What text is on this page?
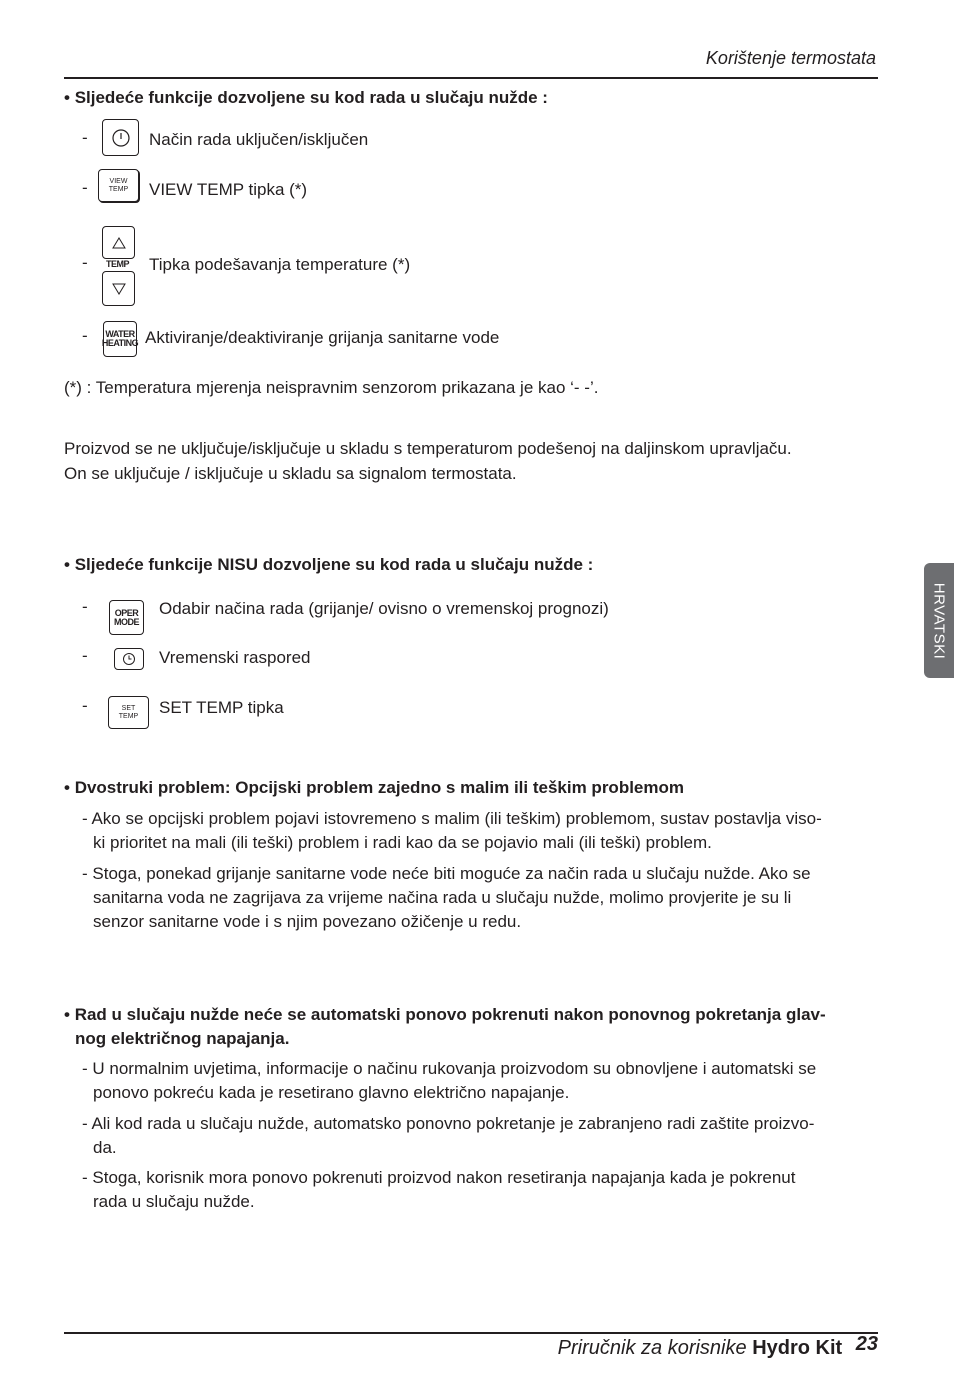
Korištenje termostata
• Sljedeće funkcije dozvoljene su kod rada u slučaju nužde :
-	Način rada uključen/isključen
-	VIEW
TEMP VIEW TEMP tipka (*)
- TEMP Tipka podešavanja temperature (*)
-	WATER
HEATING Aktiviranje/deaktiviranje grijanja sanitarne vode
(*) : Temperatura mjerenja neispravnim senzorom prikazana je kao ‘- -’.
Proizvod se ne uključuje/isključuje u skladu s temperaturom podešenoj na daljinskom upravljaču.
On se uključuje / isključuje u skladu sa signalom termostata.
• Sljedeće funkcije NISU dozvoljene su kod rada u slučaju nužde :
-	OPER
MODE
Odabir načina rada (grijanje/ ovisno o vremenskoj prognozi)
-	Vremenski raspored
-	SET
TEMP SET TEMP tipka
• Dvostruki problem: Opcijski problem zajedno s malim ili teškim problemom
- Ako se opcijski problem pojavi istovremeno s malim (ili teškim) problemom, sustav postavlja viso-
ki prioritet na mali (ili teški) problem i radi kao da se pojavio mali (ili teški) problem.
- Stoga, ponekad grijanje sanitarne vode neće biti moguće za način rada u slučaju nužde. Ako se
sanitarna voda ne zagrijava za vrijeme načina rada u slučaju nužde, molimo provjerite je su li
senzor sanitarne vode i s njim povezano ožičenje u redu.
• Rad u slučaju nužde neće se automatski ponovo pokrenuti nakon ponovnog pokretanja glav-
nog električnog napajanja.
- U normalnim uvjetima, informacije o načinu rukovanja proizvodom su obnovljene i automatski se
ponovo pokreću kada je resetirano glavno električno napajanje.
- Ali kod rada u slučaju nužde, automatsko ponovno pokretanje je zabranjeno radi zaštite proizvo-
da.
- Stoga, korisnik mora ponovo pokrenuti proizvod nakon resetiranja napajanja kada je pokrenut
rada u slučaju nužde.
HRVATSKI
Priručnik za korisnike Hydro Kit 23
